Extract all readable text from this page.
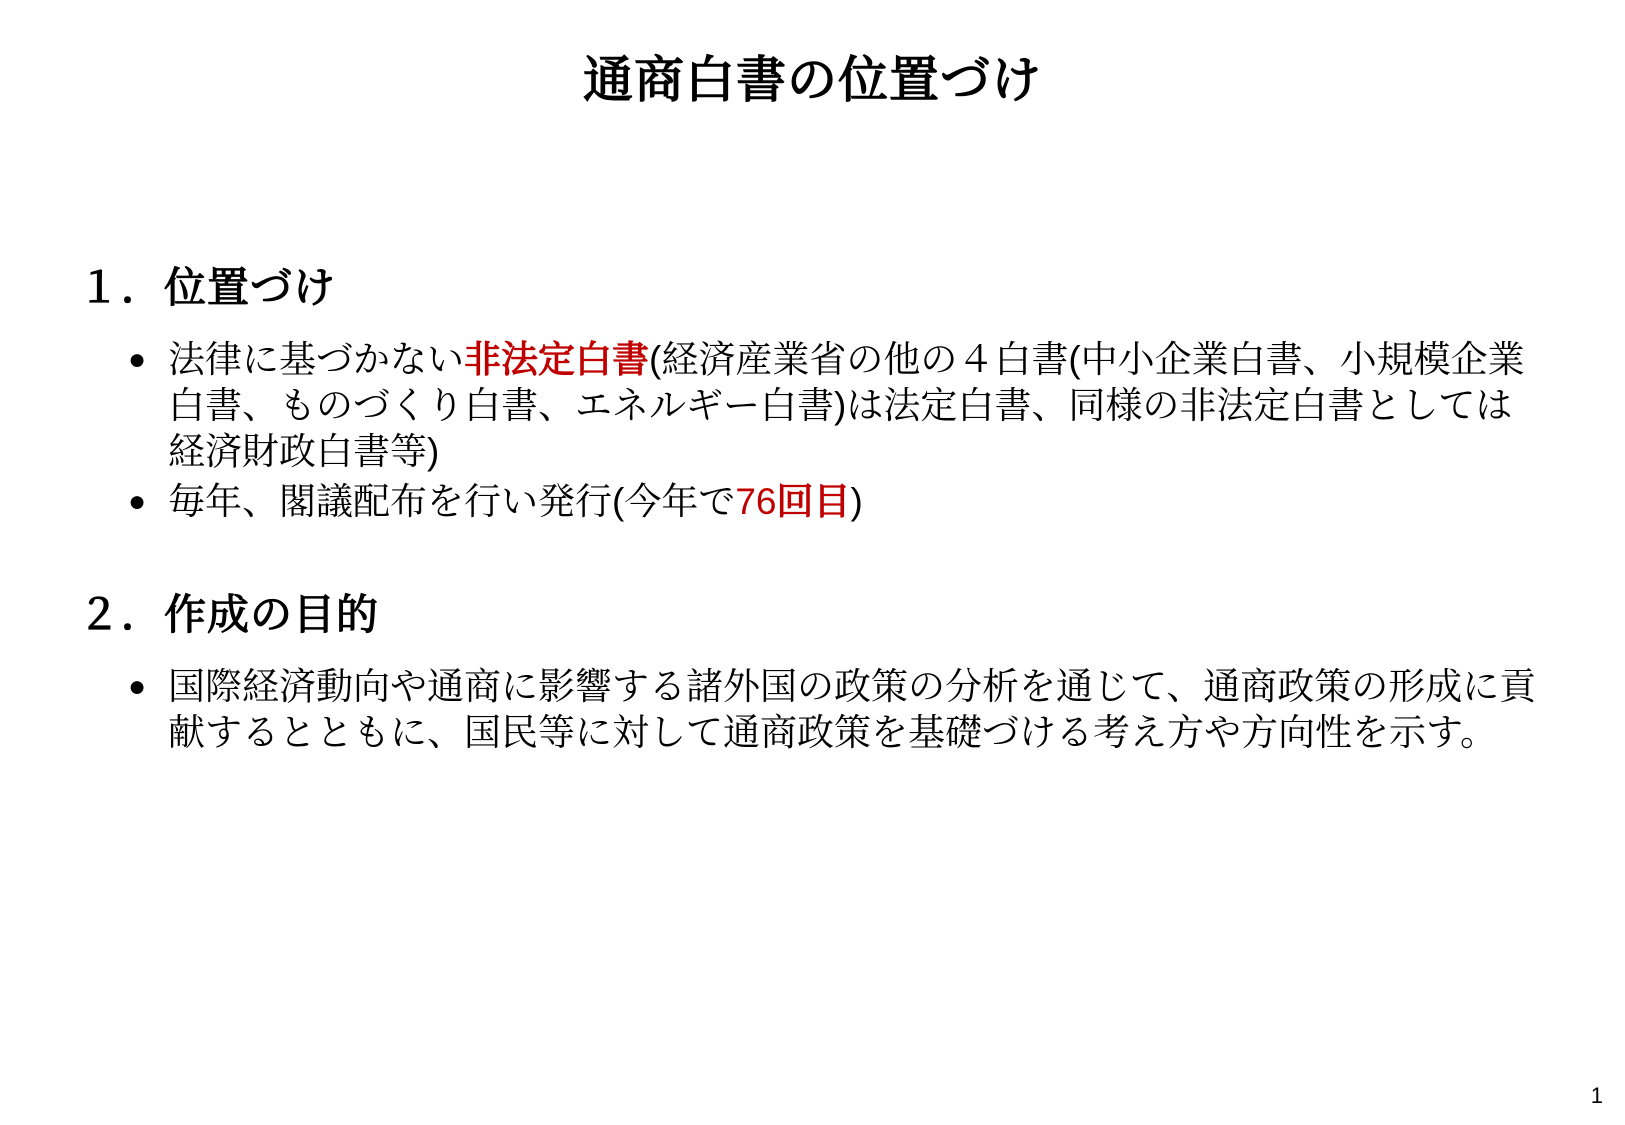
通商白書の位置づけ
１．位置づけ
● 法律に基づかない非法定白書(経済産業省の他の４白書(中小企業白書、小規模企業白書、ものづくり白書、エネルギー白書)は法定白書、同様の非法定白書としては経済財政白書等)

● 毎年、閣議配布を行い発行(今年で76回目)

２．作成の目的
● 国際経済動向や通商に影響する諸外国の政策の分析を通じて、通商政策の形成に貢献するとともに、国民等に対して通商政策を基礎づける考え方や方向性を示す。

1
